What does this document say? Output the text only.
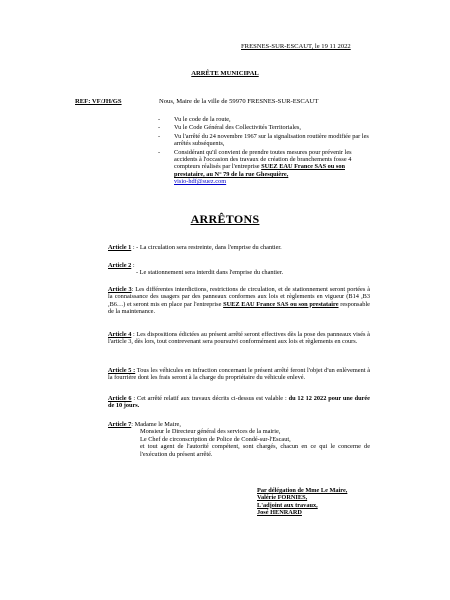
FRESNES-SUR-ESCAUT, le 19 11 2022
ARRÊTE MUNICIPAL
REF: VF/JH/GS	Nous, Maire de la ville de 59970 FRESNES-SUR-ESCAUT
- Vu le code de la route,
- Vu le Code Général des Collectivités Territoriales,
- Vu l'arrêté du 24 novembre 1967 sur la signalisation routière modifiée par les arrêtés subséquents,
- Considérant qu'il convient de prendre toutes mesures pour prévenir les accidents à l'occasion des travaux de création de branchements fosse 4 compteurs réalisés par l'entreprise SUEZ EAU France SAS ou son prestataire, au N° 79 de la rue Ghesquière,
visio-hdf@suez.com
ARRÊTONS
Article 1 : - La circulation sera restreinte, dans l'emprise du chantier.
Article 2 :
- Le stationnement sera interdit dans l'emprise du chantier.
Article 3: Les différentes interdictions, restrictions de circulation, et de stationnement seront portées à la connaissance des usagers par des panneaux conformes aux lois et règlements en vigueur (B14 ,B3 ,B6…) et seront mis en place par l'entreprise SUEZ EAU France SAS ou son prestataire responsable de la maintenance.
Article 4 : Les dispositions édictées au présent arrêté seront effectives dès la pose des panneaux visés à l'article 3, dès lors, tout contrevenant sera poursuivi conformément aux lois et règlements en cours.
Article 5 : Tous les véhicules en infraction concernant le présent arrêté feront l'objet d'un enlèvement à la fourrière dont les frais seront à la charge du propriétaire du véhicule enlevé.
Article 6 : Cet arrêté relatif aux travaux décrits ci-dessus est valable : du 12 12 2022 pour une durée de 10 jours.
Article 7: Madame le Maire,
Monsieur le Directeur général des services de la mairie,
Le Chef de circonscription de Police de Condé-sur-l'Escaut,
et tout agent de l'autorité compétent, sont chargés, chacun en ce qui le concerne de l'exécution du présent arrêté.
Par délégation de Mme Le Maire,
Valérie FORNIES,
L'adjoint aux travaux,
José HENRARD
